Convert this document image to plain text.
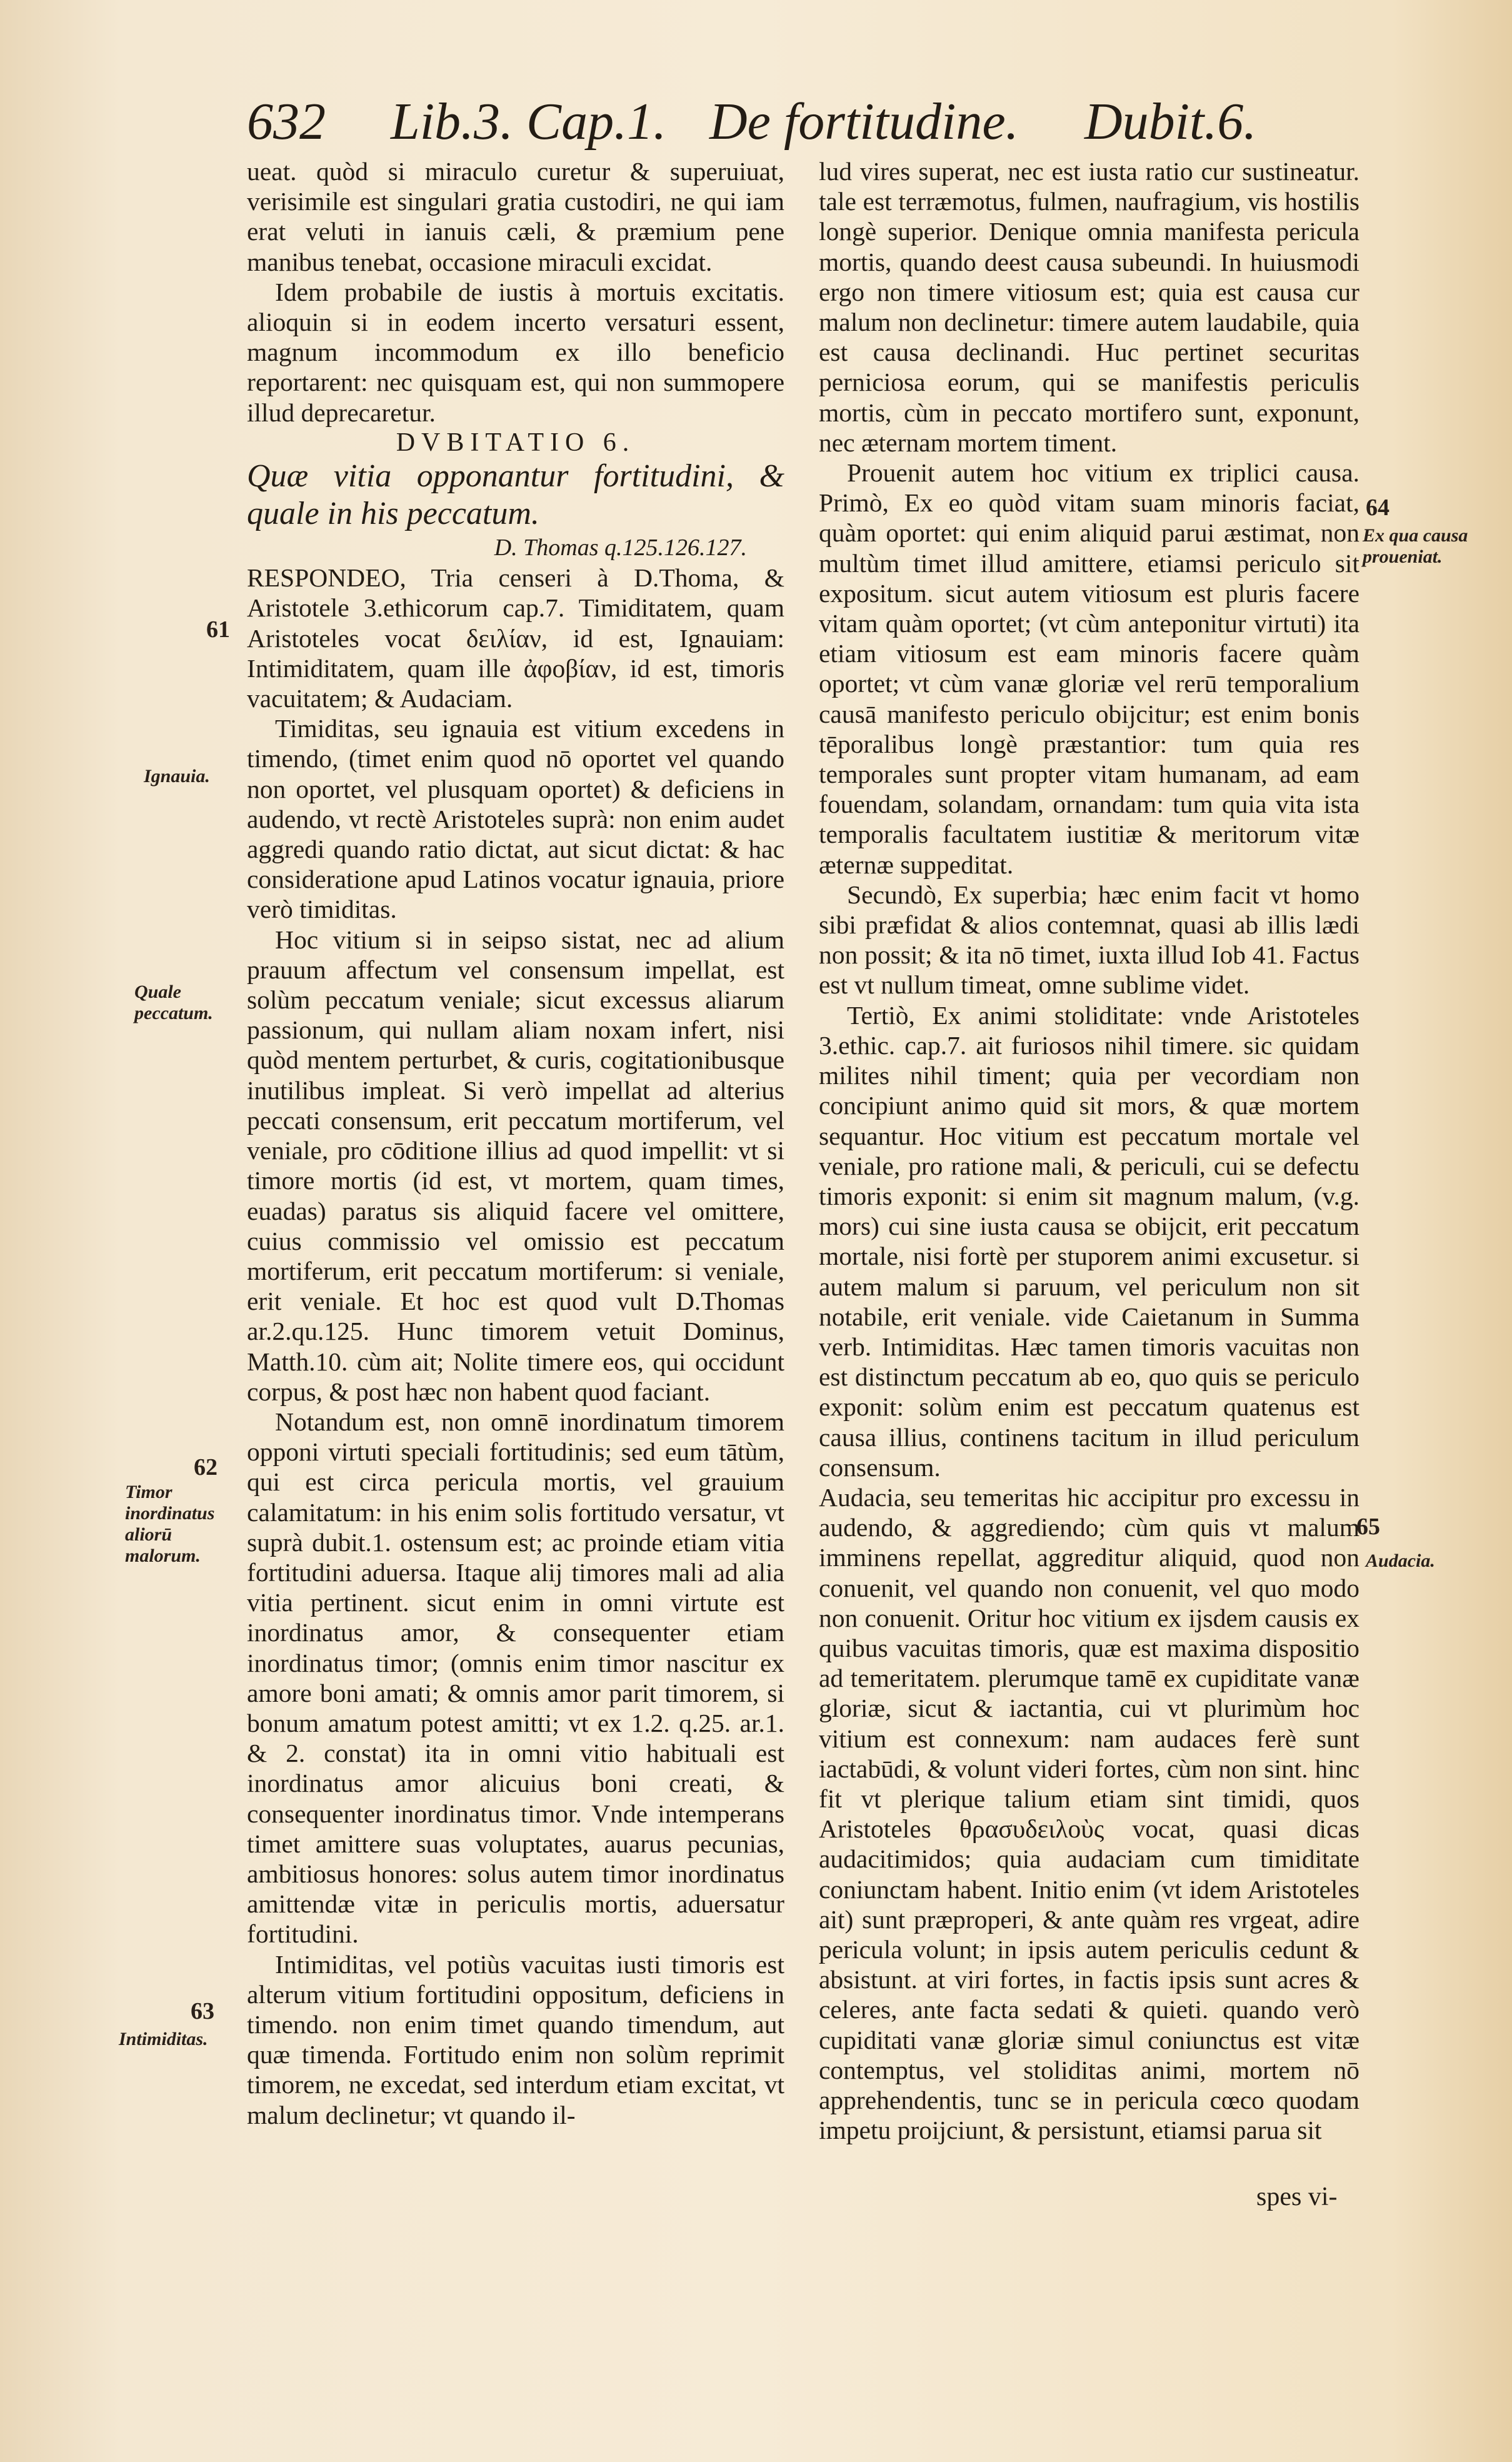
632 Lib.3. Cap.1. De fortitudine. Dubit.6.

ueat. quòd si miraculo curetur & superuiuat, verisimile est singulari gratia custodiri, ne qui iam erat veluti in ianuis cæli, & præmium pene manibus tenebat, occasione miraculi excidat.

Idem probabile de iustis à mortuis excitatis. alioquin si in eodem incerto versaturi essent, magnum incommodum ex illo beneficio reportarent: nec quisquam est, qui non summopere illud deprecaretur.

DVBITATIO 6.

Quæ vitia opponantur fortitudini, & quale in his peccatum.

D. Thomas q.125.126.127.

RESPONDEO, Tria censeri à D.Thoma, & Aristotele 3.ethicorum cap.7. Timiditatem, quam Aristoteles vocat δειλίαν, id est, Ignauiam: Intimiditatem, quam ille ἀφοβίαν, id est, timoris vacuitatem; & Audaciam.

Timiditas, seu ignauia est vitium excedens in timendo, (timet enim quod nō oportet vel quando non oportet, vel plusquam oportet) & deficiens in audendo, vt rectè Aristoteles suprà: non enim audet aggredi quando ratio dictat, aut sicut dictat: & hac consideratione apud Latinos vocatur ignauia, priore verò timiditas.

Hoc vitium si in seipso sistat, nec ad alium prauum affectum vel consensum impellat, est solùm peccatum veniale; sicut excessus aliarum passionum, qui nullam aliam noxam infert, nisi quòd mentem perturbet, & curis, cogitationibusque inutilibus impleat. Si verò impellat ad alterius peccati consensum, erit peccatum mortiferum, vel veniale, pro cōditione illius ad quod impellit: vt si timore mortis (id est, vt mortem, quam times, euadas) paratus sis aliquid facere vel omittere, cuius commissio vel omissio est peccatum mortiferum, erit peccatum mortiferum: si veniale, erit veniale. Et hoc est quod vult D.Thomas ar.2.qu.125. Hunc timorem vetuit Dominus, Matth.10. cùm ait; Nolite timere eos, qui occidunt corpus, & post hæc non habent quod faciant.

Notandum est, non omnē inordinatum timorem opponi virtuti speciali fortitudinis; sed eum tātùm, qui est circa pericula mortis, vel grauium calamitatum: in his enim solis fortitudo versatur, vt suprà dubit.1. ostensum est; ac proinde etiam vitia fortitudini aduersa. Itaque alij timores mali ad alia vitia pertinent. sicut enim in omni virtute est inordinatus amor, & consequenter etiam inordinatus timor; (omnis enim timor nascitur ex amore boni amati; & omnis amor parit timorem, si bonum amatum potest amitti; vt ex 1.2. q.25. ar.1. & 2. constat) ita in omni vitio habituali est inordinatus amor alicuius boni creati, & consequenter inordinatus timor. Vnde intemperans timet amittere suas voluptates, auarus pecunias, ambitiosus honores: solus autem timor inordinatus amittendæ vitæ in periculis mortis, aduersatur fortitudini.

Intimiditas, vel potiùs vacuitas iusti timoris est alterum vitium fortitudini oppositum, deficiens in timendo. non enim timet quando timendum, aut quæ timenda. Fortitudo enim non solùm reprimit timorem, ne excedat, sed interdum etiam excitat, vt malum declinetur; vt quando il-

lud vires superat, nec est iusta ratio cur sustineatur. tale est terræmotus, fulmen, naufragium, vis hostilis longè superior. Denique omnia manifesta pericula mortis, quando deest causa subeundi. In huiusmodi ergo non timere vitiosum est; quia est causa cur malum non declinetur: timere autem laudabile, quia est causa declinandi. Huc pertinet securitas perniciosa eorum, qui se manifestis periculis mortis, cùm in peccato mortifero sunt, exponunt, nec æternam mortem timent.

Prouenit autem hoc vitium ex triplici causa. Primò, Ex eo quòd vitam suam minoris faciat, quàm oportet: qui enim aliquid parui æstimat, non multùm timet illud amittere, etiamsi periculo sit expositum. sicut autem vitiosum est pluris facere vitam quàm oportet; (vt cùm anteponitur virtuti) ita etiam vitiosum est eam minoris facere quàm oportet; vt cùm vanæ gloriæ vel rerū temporalium causā manifesto periculo obijcitur; est enim bonis tēporalibus longè præstantior: tum quia res temporales sunt propter vitam humanam, ad eam fouendam, solandam, ornandam: tum quia vita ista temporalis facultatem iustitiæ & meritorum vitæ æternæ suppeditat.

Secundò, Ex superbia; hæc enim facit vt homo sibi præfidat & alios contemnat, quasi ab illis lædi non possit; & ita nō timet, iuxta illud Iob 41. Factus est vt nullum timeat, omne sublime videt.

Tertiò, Ex animi stoliditate: vnde Aristoteles 3.ethic. cap.7. ait furiosos nihil timere. sic quidam milites nihil timent; quia per vecordiam non concipiunt animo quid sit mors, & quæ mortem sequantur. Hoc vitium est peccatum mortale vel veniale, pro ratione mali, & periculi, cui se defectu timoris exponit: si enim sit magnum malum, (v.g. mors) cui sine iusta causa se obijcit, erit peccatum mortale, nisi fortè per stuporem animi excusetur. si autem malum si paruum, vel periculum non sit notabile, erit veniale. vide Caietanum in Summa verb. Intimiditas. Hæc tamen timoris vacuitas non est distinctum peccatum ab eo, quo quis se periculo exponit: solùm enim est peccatum quatenus est causa illius, continens tacitum in illud periculum consensum.

Audacia, seu temeritas hic accipitur pro excessu in audendo, & aggrediendo; cùm quis vt malum imminens repellat, aggreditur aliquid, quod non conuenit, vel quando non conuenit, vel quo modo non conuenit. Oritur hoc vitium ex ijsdem causis ex quibus vacuitas timoris, quæ est maxima dispositio ad temeritatem. plerumque tamē ex cupiditate vanæ gloriæ, sicut & iactantia, cui vt plurimùm hoc vitium est connexum: nam audaces ferè sunt iactabūdi, & volunt videri fortes, cùm non sint. hinc fit vt plerique talium etiam sint timidi, quos Aristoteles θρασυδειλοὺς vocat, quasi dicas audacitimidos; quia audaciam cum timiditate coniunctam habent. Initio enim (vt idem Aristoteles ait) sunt præproperi, & ante quàm res vrgeat, adire pericula volunt; in ipsis autem periculis cedunt & absistunt. at viri fortes, in factis ipsis sunt acres & celeres, ante facta sedati & quieti. quando verò cupiditati vanæ gloriæ simul coniunctus est vitæ contemptus, vel stoliditas animi, mortem nō apprehendentis, tunc se in pericula cœco quodam impetu proijciunt, & persistunt, etiamsi parua sit

spes vi-
61
Ignauia.
Quale peccatum.
62
Timor inordinatus aliorū malorum.
63
Intimiditas.
64
Ex qua causa proueniat.
65
Audacia.
